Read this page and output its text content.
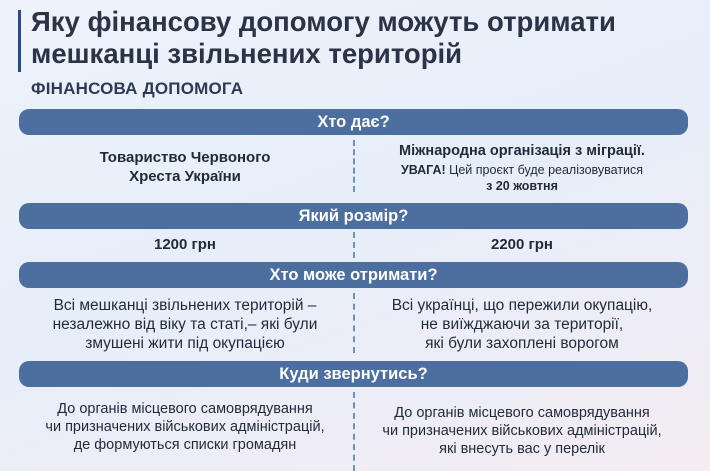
Яку фінансову допомогу можуть отримати мешканці звільнених територій
ФІНАНСОВА ДОПОМОГА
Хто дає?
Товариство Червоного
Хреста України
Міжнародна організація з міграції.
УВАГА! Цей проєкт буде реалізовуватися
з 20 жовтня
Який розмір?
1200 грн	2200 грн
Хто може отримати?
Всі мешканці звільнених територій –
незалежно від віку та статі,– які були
змушені жити під окупацією
Всі українці, що пережили окупацію,
не виїжджаючи за території,
які були захоплені ворогом
Куди звернутись?
До органів місцевого самоврядування
чи призначених військових адміністрацій,
де формуються списки громадян
До органів місцевого самоврядування
чи призначених військових адміністрацій,
які внесуть вас у перелік
